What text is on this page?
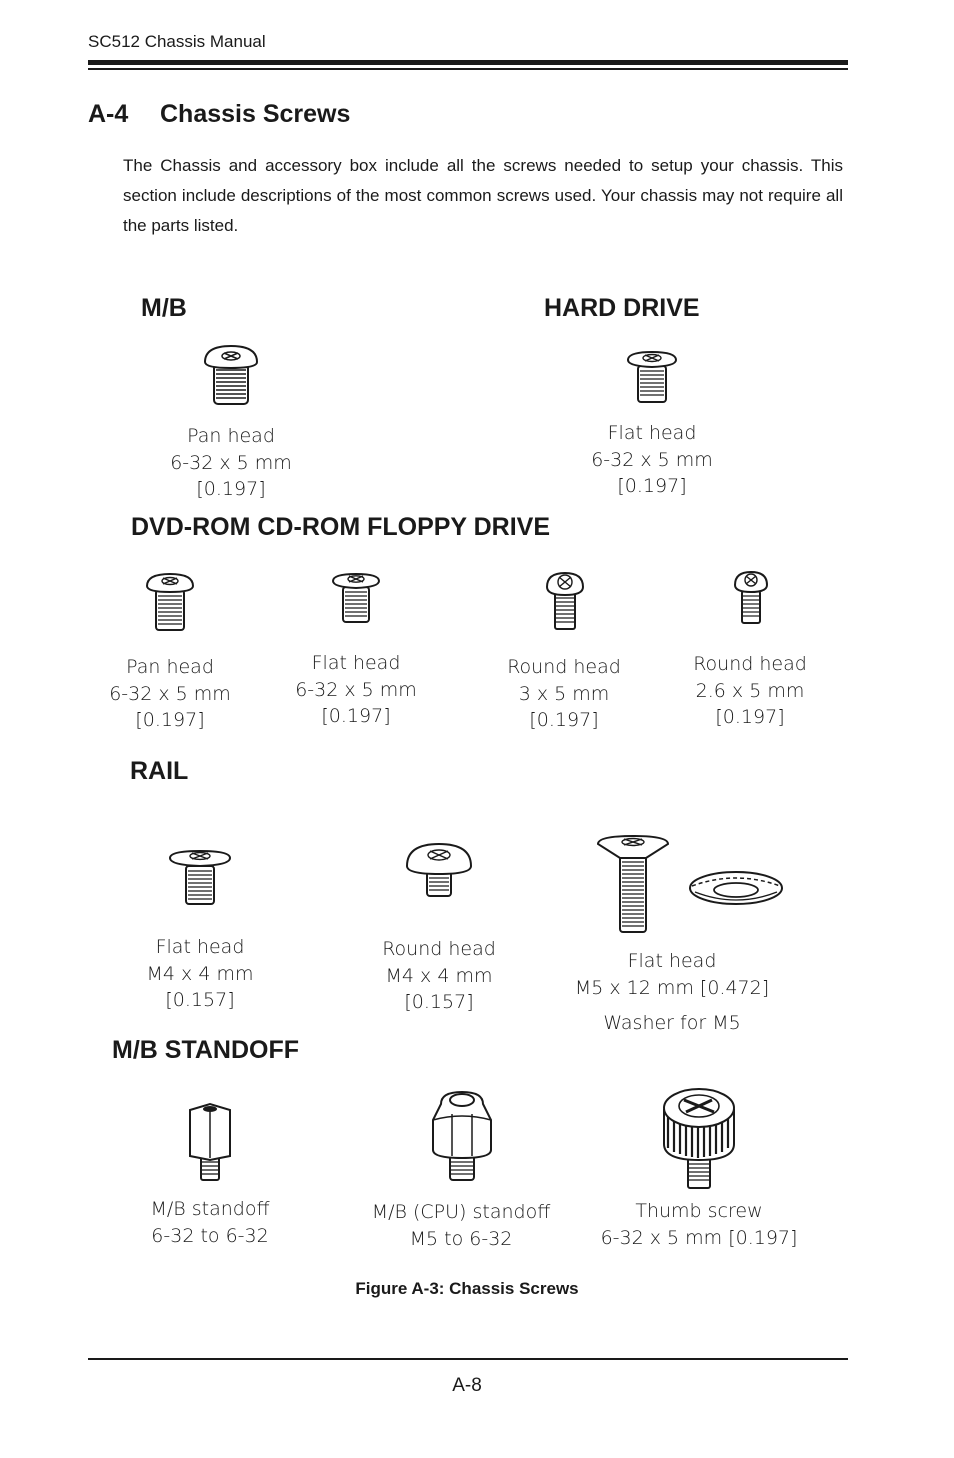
SC512 Chassis Manual
A-4 Chassis Screws

The Chassis and accessory box include all the screws needed to setup your chassis. This section include descriptions of the most common screws used. Your chassis may not require all the parts listed.

M/B
Pan head
6-32 x 5 mm
[0.197]
HARD DRIVE
Flat head
6-32 x 5 mm
[0.197]
DVD-ROM CD-ROM FLOPPY DRIVE
Pan head
6-32 x 5 mm
[0.197]
Flat head
6-32 x 5 mm
[0.197]
Round head
3 x 5 mm
[0.197]
Round head
2.6 x 5 mm
[0.197]
RAIL
Flat head
M4 x 4 mm
[0.157]
Round head
M4 x 4 mm
[0.157]
Flat head
M5 x 12 mm [0.472]
Washer for M5
M/B STANDOFF
M/B standoff
6-32 to 6-32
M/B (CPU) standoff
M5 to 6-32
Thumb screw
6-32 x 5 mm [0.197]
Figure A-3: Chassis Screws
A-8
